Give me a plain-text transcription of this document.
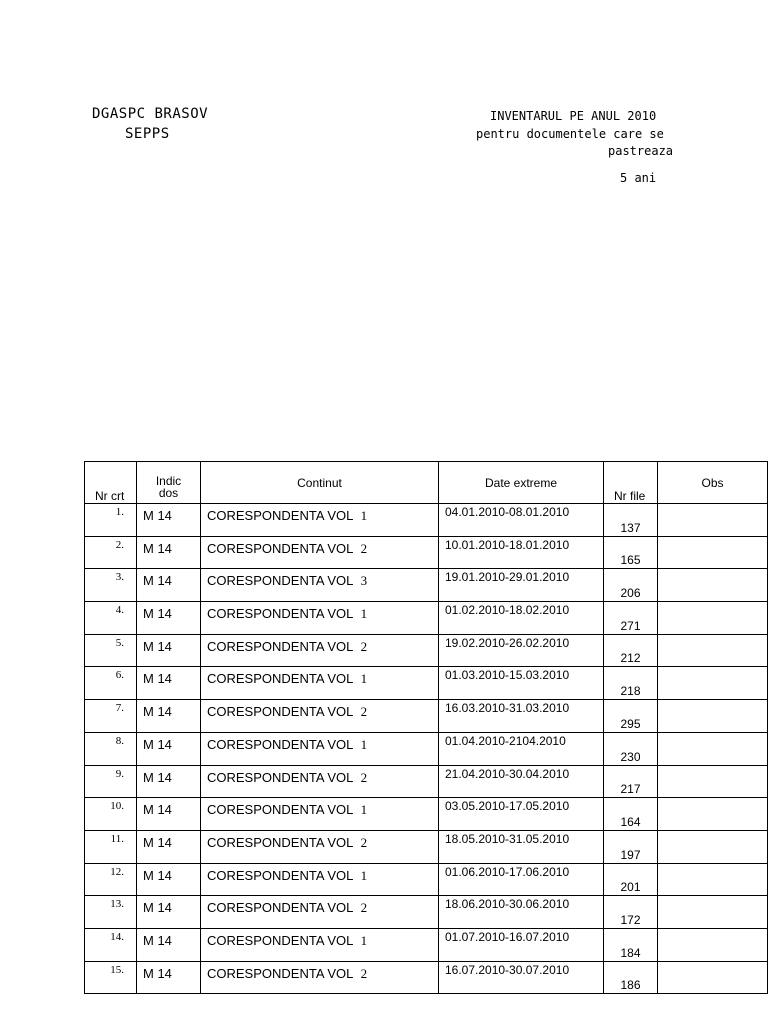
DGASPC BRASOV
SEPPS
INVENTARUL PE ANUL 2010
pentru documentele care se
pastreaza
5 ani
Nr crt	Indic
dos	Continut	Date extreme	Nr file	Obs

1.	M 14	CORESPONDENTA VOL 1	04.01.2010-08.01.2010	137	

2.	M 14	CORESPONDENTA VOL 2	10.01.2010-18.01.2010	165	

3.	M 14	CORESPONDENTA VOL 3	19.01.2010-29.01.2010	206	

4.	M 14	CORESPONDENTA VOL 1	01.02.2010-18.02.2010	271	

5.	M 14	CORESPONDENTA VOL 2	19.02.2010-26.02.2010	212	

6.	M 14	CORESPONDENTA VOL 1	01.03.2010-15.03.2010	218	

7.	M 14	CORESPONDENTA VOL 2	16.03.2010-31.03.2010	295	

8.	M 14	CORESPONDENTA VOL 1	01.04.2010-2104.2010	230	

9.	M 14	CORESPONDENTA VOL 2	21.04.2010-30.04.2010	217	

10.	M 14	CORESPONDENTA VOL 1	03.05.2010-17.05.2010	164	

11.	M 14	CORESPONDENTA VOL 2	18.05.2010-31.05.2010	197	

12.	M 14	CORESPONDENTA VOL 1	01.06.2010-17.06.2010	201	

13.	M 14	CORESPONDENTA VOL 2	18.06.2010-30.06.2010	172	

14.	M 14	CORESPONDENTA VOL 1	01.07.2010-16.07.2010	184	

15.	M 14	CORESPONDENTA VOL 2	16.07.2010-30.07.2010	186	
